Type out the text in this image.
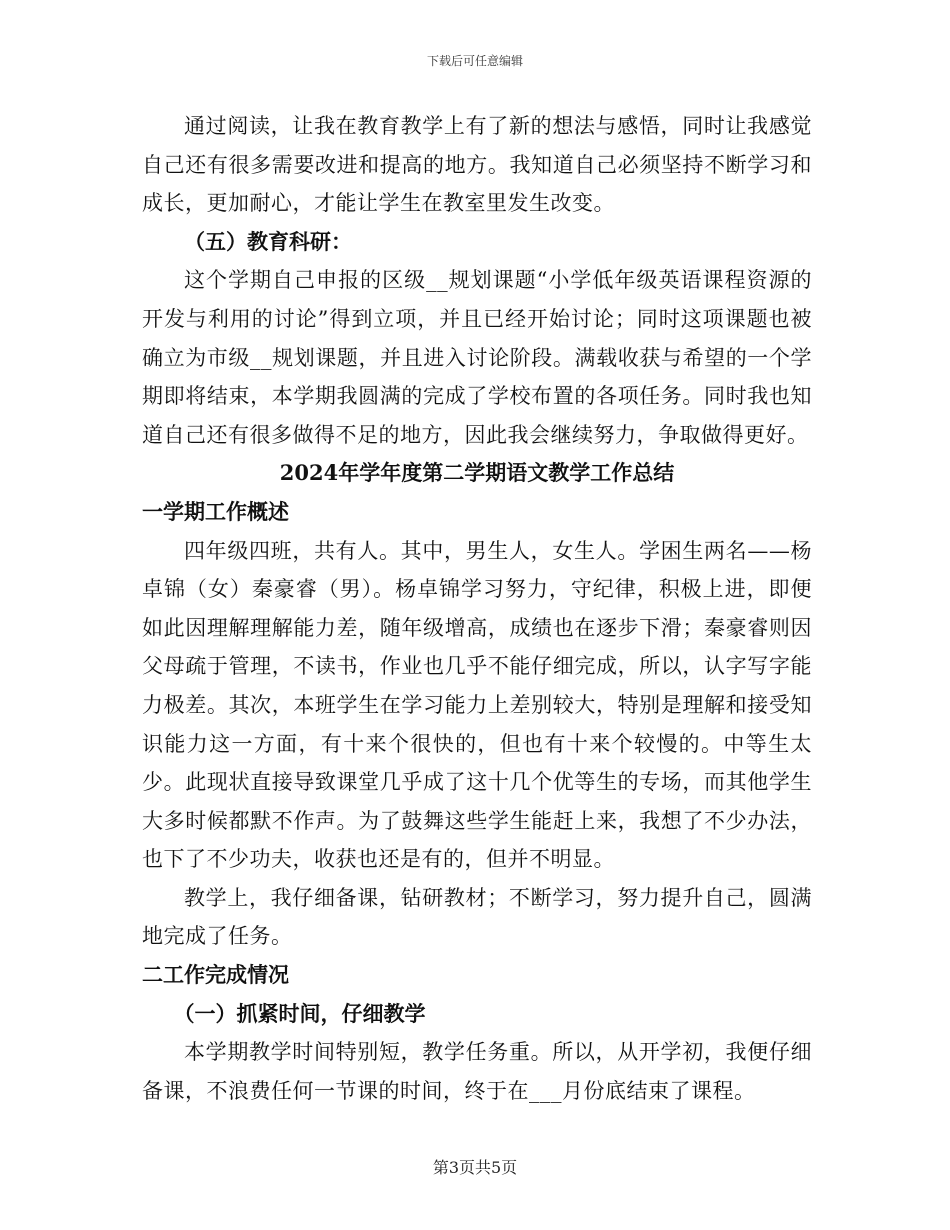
下载后可任意编辑

通过阅读，让我在教育教学上有了新的想法与感悟，同时让我感觉自己还有很多需要改进和提高的地方。我知道自己必须坚持不断学习和成长，更加耐心，才能让学生在教室里发生改变。

（五）教育科研：

这个学期自己申报的区级__规划课题“小学低年级英语课程资源的开发与利用的讨论”得到立项，并且已经开始讨论；同时这项课题也被确立为市级__规划课题，并且进入讨论阶段。满载收获与希望的一个学期即将结束，本学期我圆满的完成了学校布置的各项任务。同时我也知道自己还有很多做得不足的地方，因此我会继续努力，争取做得更好。

2024年学年度第二学期语文教学工作总结

一学期工作概述

四年级四班，共有人。其中，男生人，女生人。学困生两名——杨卓锦（女）秦豪睿（男）。杨卓锦学习努力，守纪律，积极上进，即便如此因理解理解能力差，随年级增高，成绩也在逐步下滑；秦豪睿则因父母疏于管理，不读书，作业也几乎不能仔细完成，所以，认字写字能力极差。其次，本班学生在学习能力上差别较大，特别是理解和接受知识能力这一方面，有十来个很快的，但也有十来个较慢的。中等生太少。此现状直接导致课堂几乎成了这十几个优等生的专场，而其他学生大多时候都默不作声。为了鼓舞这些学生能赶上来，我想了不少办法，也下了不少功夫，收获也还是有的，但并不明显。

教学上，我仔细备课，钻研教材；不断学习，努力提升自己，圆满地完成了任务。

二工作完成情况

（一）抓紧时间，仔细教学

本学期教学时间特别短，教学任务重。所以，从开学初，我便仔细备课，不浪费任何一节课的时间，终于在___月份底结束了课程。

第3页共5页
